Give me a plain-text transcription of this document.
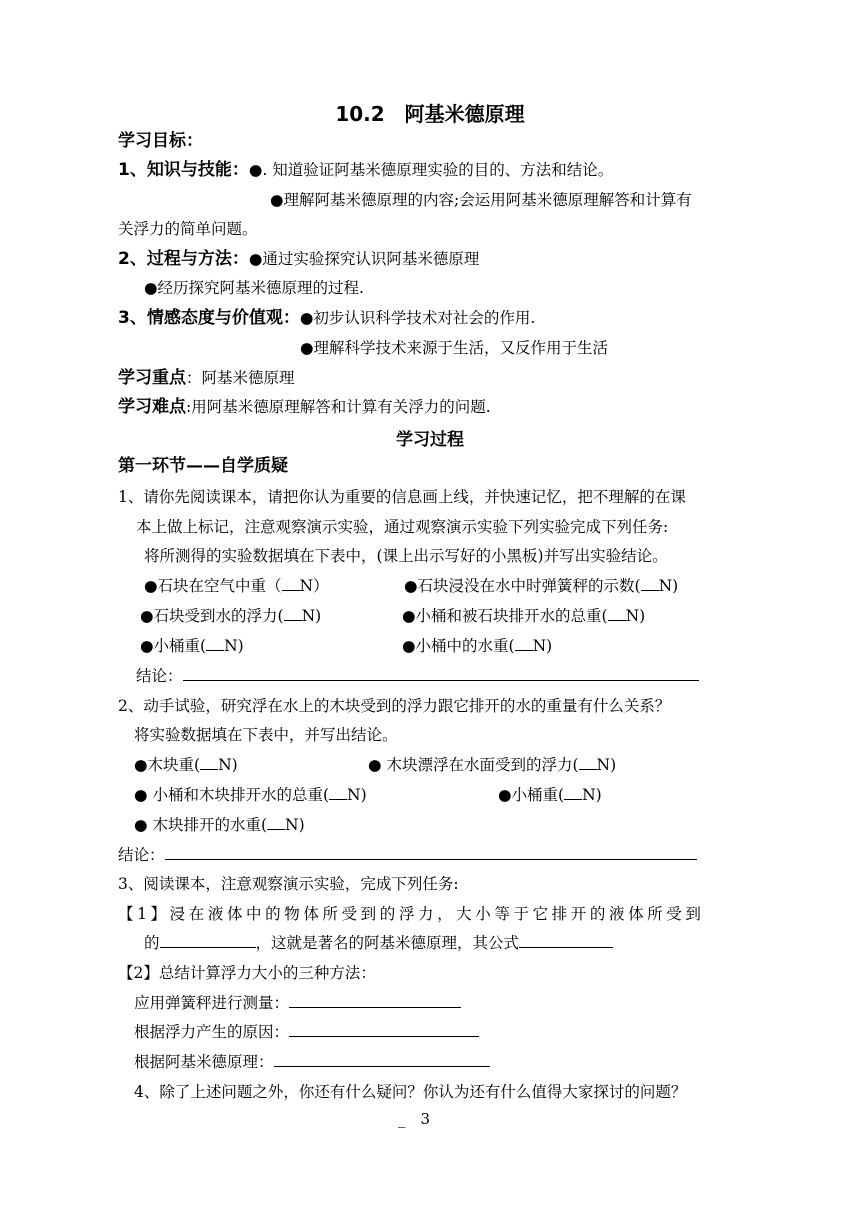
10.2　阿基米德原理
学习目标：
1、知识与技能：●. 知道验证阿基米德原理实验的目的、方法和结论。
●理解阿基米德原理的内容;会运用阿基米德原理解答和计算有
关浮力的简单问题。
2、过程与方法：●通过实验探究认识阿基米德原理
●经历探究阿基米德原理的过程.
3、情感态度与价值观：●初步认识科学技术对社会的作用.
●理解科学技术来源于生活，又反作用于生活
学习重点：阿基米德原理
学习难点:用阿基米德原理解答和计算有关浮力的问题.
学习过程
第一环节——自学质疑
1、请你先阅读课本，请把你认为重要的信息画上线，并快速记忆，把不理解的在课
本上做上标记，注意观察演示实验，通过观察演示实验下列实验完成下列任务:
将所测得的实验数据填在下表中，(课上出示写好的小黑板)并写出实验结论。
●石块在空气中重（ N）	●石块浸没在水中时弹簧秤的示数( N)
●石块受到水的浮力( N)	●小桶和被石块排开水的总重( N)
●小桶重( N)	●小桶中的水重( N)
结论：
2、动手试验，研究浮在水上的木块受到的浮力跟它排开的水的重量有什么关系？
将实验数据填在下表中，并写出结论。
●木块重( N)	● 木块漂浮在水面受到的浮力( N)
● 小桶和木块排开水的总重( N)	●小桶重( N)
● 木块排开的水重( N)
结论：
3、阅读课本，注意观察演示实验，完成下列任务:
【1】浸在液体中的物体所受到的浮力，大小等于它排开的液体所受到
的	，这就是著名的阿基米德原理，其公式
【2】总结计算浮力大小的三种方法：
应用弹簧秤进行测量：
根据浮力产生的原因：
根据阿基米德原理：
4、除了上述问题之外，你还有什么疑问？你认为还有什么值得大家探讨的问题？
_　3
